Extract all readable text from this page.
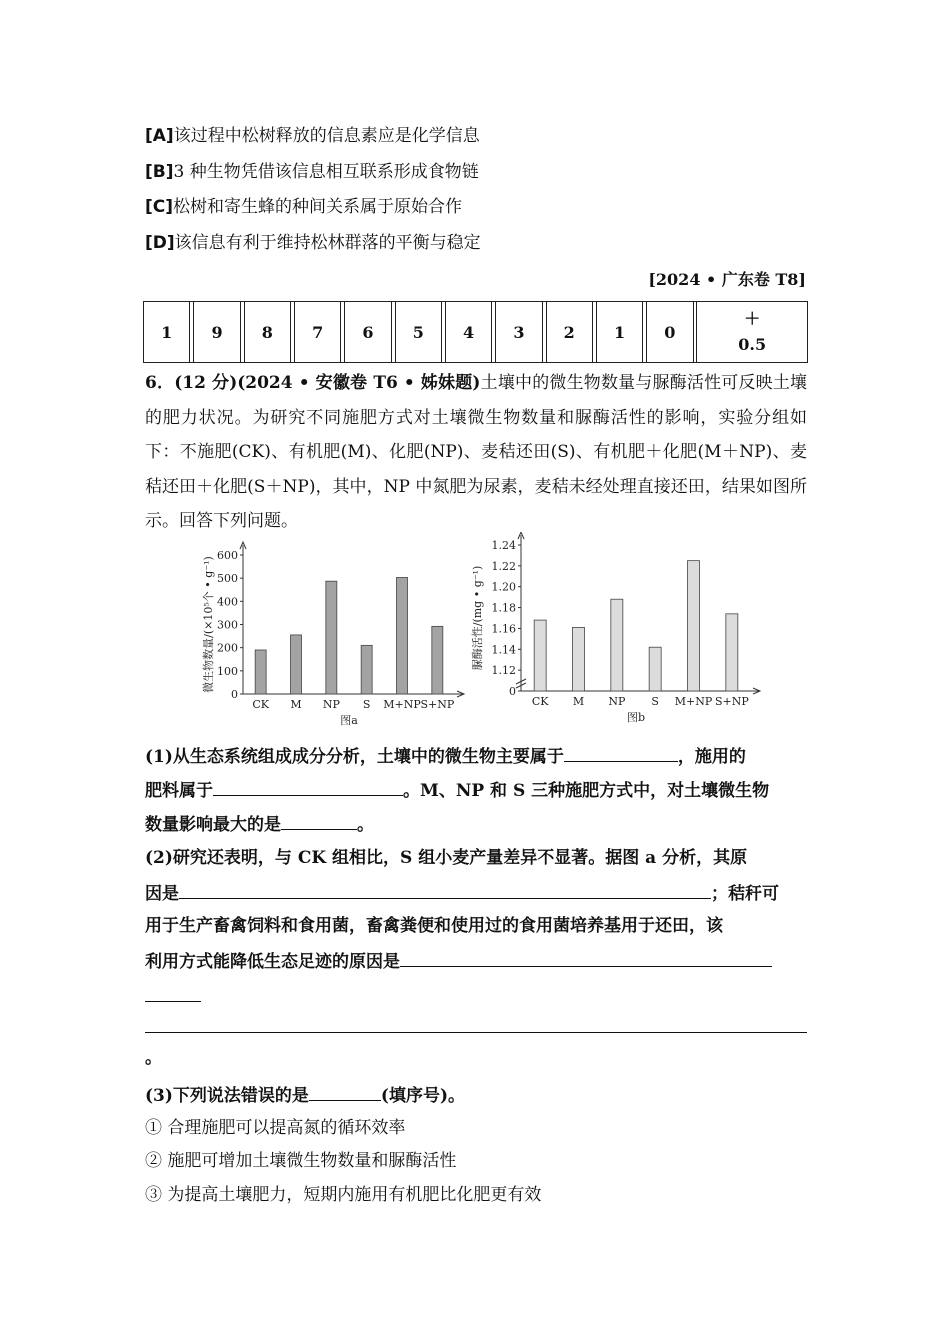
[A]该过程中松树释放的信息素应是化学信息
[B]3 种生物凭借该信息相互联系形成食物链
[C]松树和寄生蜂的种间关系属于原始合作
[D]该信息有利于维持松林群落的平衡与稳定
[2024 • 广东卷 T8]
1		9		8		7		6		5		4		3		2		1		0		
＋
0.5
6．(12 分)(2024 • 安徽卷 T6 • 姊妹题)土壤中的微生物数量与脲酶活性可反映土壤的肥力状况。为研究不同施肥方式对土壤微生物数量和脲酶活性的影响，实验分组如下：不施肥(CK)、有机肥(M)、化肥(NP)、麦秸还田(S)、有机肥＋化肥(M＋NP)、麦秸还田＋化肥(S＋NP)，其中，NP 中氮肥为尿素，麦秸未经处理直接还田，结果如图所示。回答下列问题。
0
100
200
300
400
500
600
CK M NP S M+NP S+NP
图a
微生物数量/(×10⁵个 • g⁻¹)	0
1.12
1.14
1.16
1.18
1.20
1.22
1.24
CK M NP S M+NP S+NP
图b
脲酶活性/(mg • g⁻¹)
(1)从生态系统组成成分分析，土壤中的微生物主要属于	，施用的
肥料属于	。M、NP 和 S 三种施肥方式中，对土壤微生物
数量影响最大的是	。
(2)研究还表明，与 CK 组相比，S 组小麦产量差异不显著。据图 a 分析，其原
因是	；秸秆可
用于生产畜禽饲料和食用菌，畜禽粪便和使用过的食用菌培养基用于还田，该
利用方式能降低生态足迹的原因是
。
(3)下列说法错误的是	(填序号)。
① 合理施肥可以提高氮的循环效率
② 施肥可增加土壤微生物数量和脲酶活性
③ 为提高土壤肥力，短期内施用有机肥比化肥更有效
